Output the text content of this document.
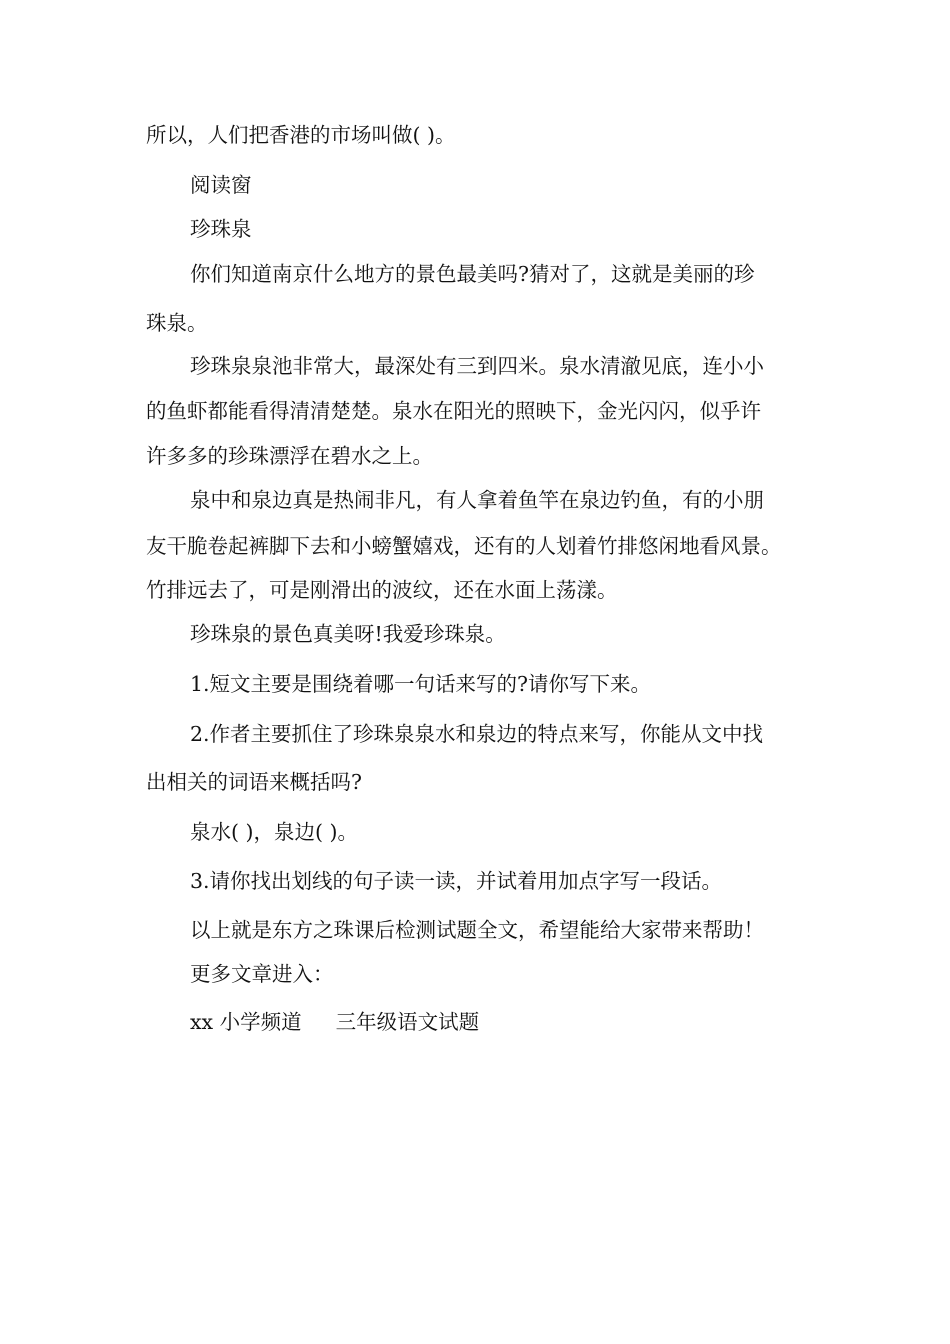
所以，人们把香港的市场叫做( )。
阅读窗
珍珠泉
你们知道南京什么地方的景色最美吗?猜对了，这就是美丽的珍
珠泉。
珍珠泉泉池非常大，最深处有三到四米。泉水清澈见底，连小小
的鱼虾都能看得清清楚楚。泉水在阳光的照映下，金光闪闪，似乎许
许多多的珍珠漂浮在碧水之上。
泉中和泉边真是热闹非凡，有人拿着鱼竿在泉边钓鱼，有的小朋
友干脆卷起裤脚下去和小螃蟹嬉戏，还有的人划着竹排悠闲地看风景。
竹排远去了，可是刚滑出的波纹，还在水面上荡漾。
珍珠泉的景色真美呀!我爱珍珠泉。
1.短文主要是围绕着哪一句话来写的?请你写下来。
2.作者主要抓住了珍珠泉泉水和泉边的特点来写，你能从文中找
出相关的词语来概括吗?
泉水( )，泉边( )。
3.请你找出划线的句子读一读，并试着用加点字写一段话。
以上就是东方之珠课后检测试题全文，希望能给大家带来帮助！
更多文章进入：
xx 小学频道 三年级语文试题
